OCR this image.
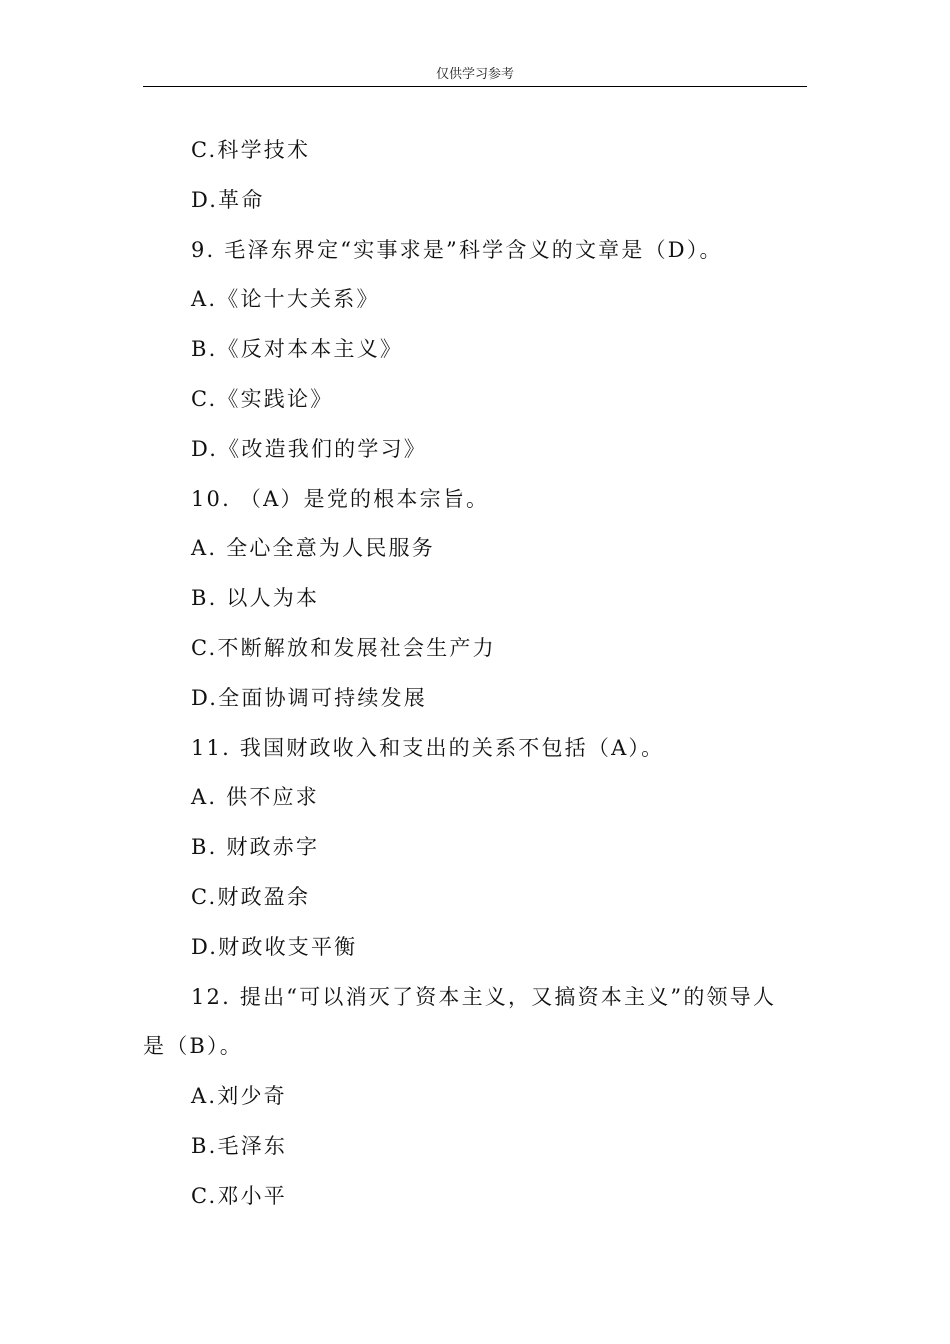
仅供学习参考
C.科学技术
D.革命
9. 毛泽东界定“实事求是”科学含义的文章是（D）。
A.《论十大关系》
B.《反对本本主义》
C.《实践论》
D.《改造我们的学习》
10. （A）是党的根本宗旨。
A. 全心全意为人民服务
B. 以人为本
C.不断解放和发展社会生产力
D.全面协调可持续发展
11. 我国财政收入和支出的关系不包括（A）。
A. 供不应求
B. 财政赤字
C.财政盈余
D.财政收支平衡
12. 提出“可以消灭了资本主义，又搞资本主义”的领导人
是（B）。
A.刘少奇
B.毛泽东
C.邓小平
